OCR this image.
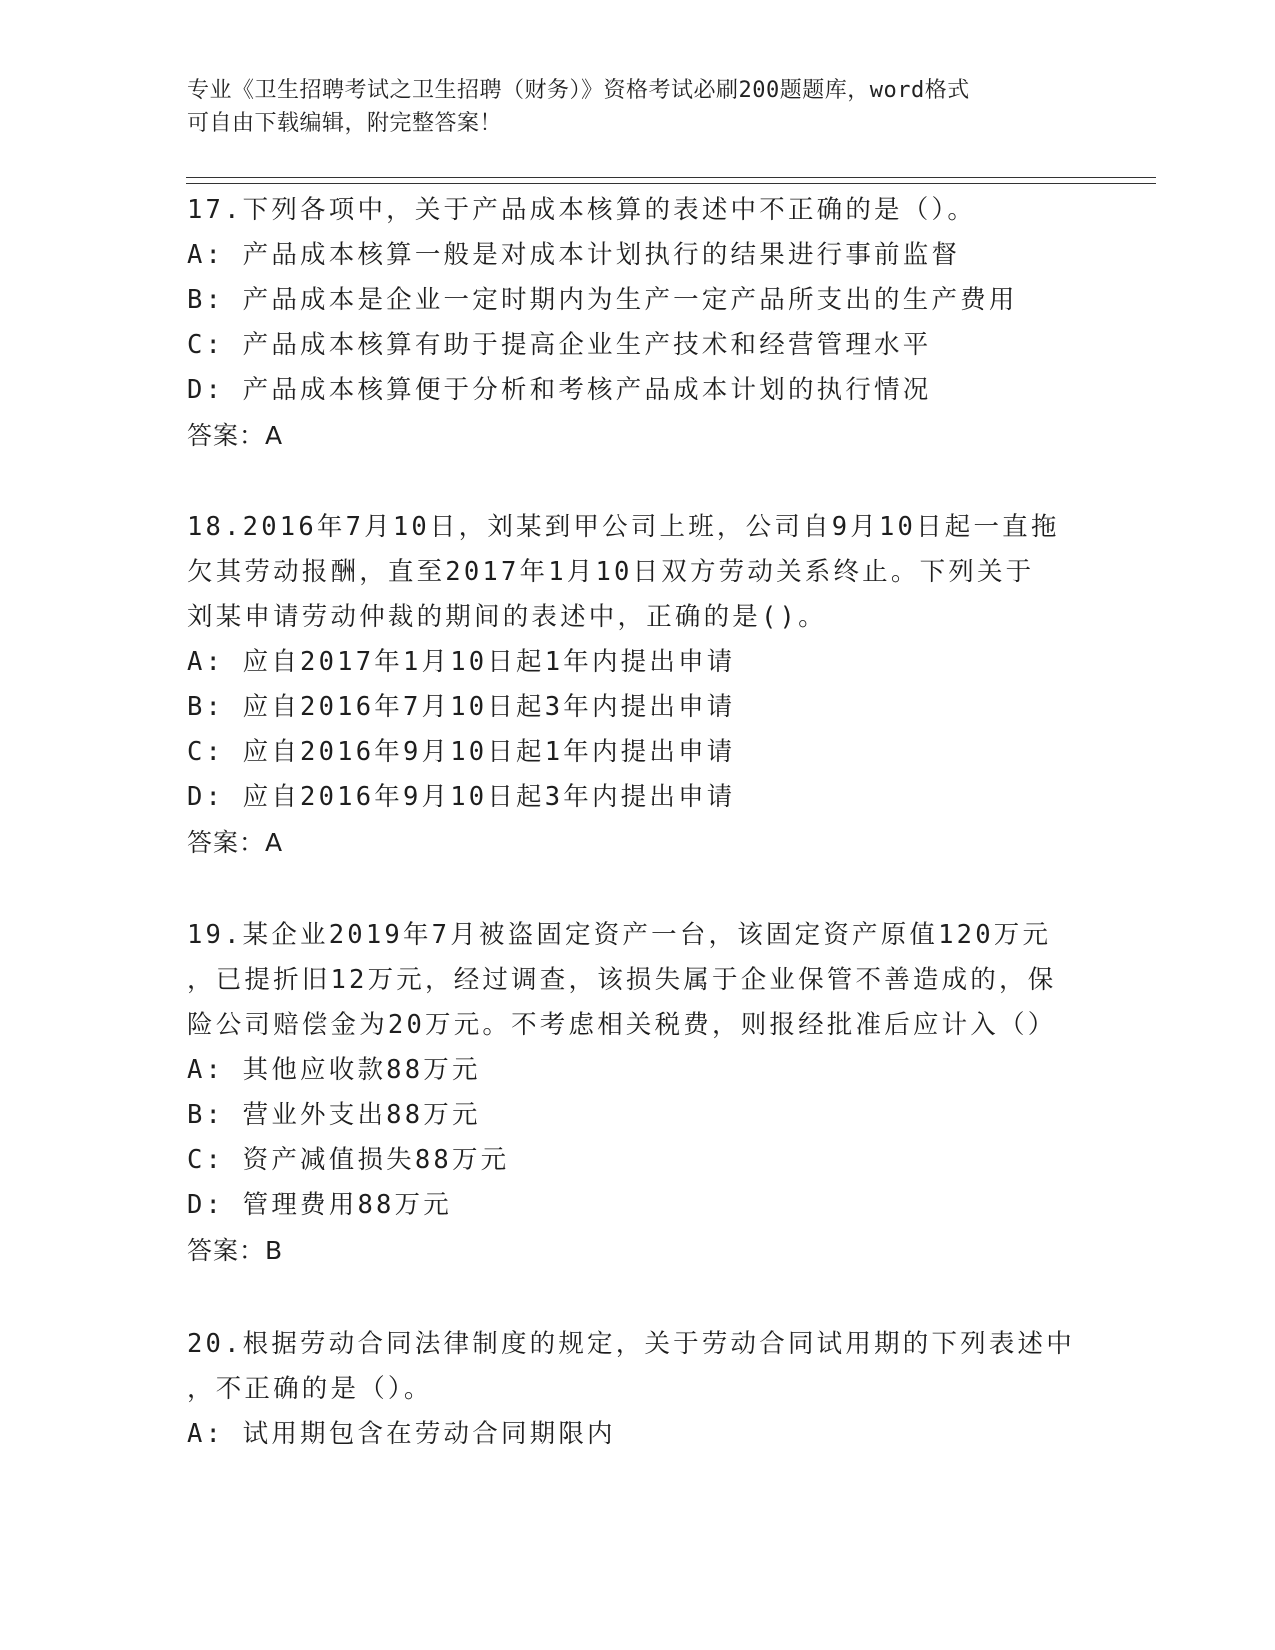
专业《卫生招聘考试之卫生招聘（财务）》资格考试必刷200题题库，word格式
可自由下载编辑，附完整答案！
17.下列各项中，关于产品成本核算的表述中不正确的是（）。
A: 产品成本核算一般是对成本计划执行的结果进行事前监督
B: 产品成本是企业一定时期内为生产一定产品所支出的生产费用
C: 产品成本核算有助于提高企业生产技术和经营管理水平
D: 产品成本核算便于分析和考核产品成本计划的执行情况
答案：A
18.2016年7月10日，刘某到甲公司上班，公司自9月10日起一直拖
欠其劳动报酬，直至2017年1月10日双方劳动关系终止。下列关于
刘某申请劳动仲裁的期间的表述中，正确的是()。
A: 应自2017年1月10日起1年内提出申请
B: 应自2016年7月10日起3年内提出申请
C: 应自2016年9月10日起1年内提出申请
D: 应自2016年9月10日起3年内提出申请
答案：A
19.某企业2019年7月被盗固定资产一台，该固定资产原值120万元
，已提折旧12万元，经过调查，该损失属于企业保管不善造成的，保
险公司赔偿金为20万元。不考虑相关税费，则报经批准后应计入（）
A: 其他应收款88万元
B: 营业外支出88万元
C: 资产减值损失88万元
D: 管理费用88万元
答案：B
20.根据劳动合同法律制度的规定，关于劳动合同试用期的下列表述中
，不正确的是（）。
A: 试用期包含在劳动合同期限内
